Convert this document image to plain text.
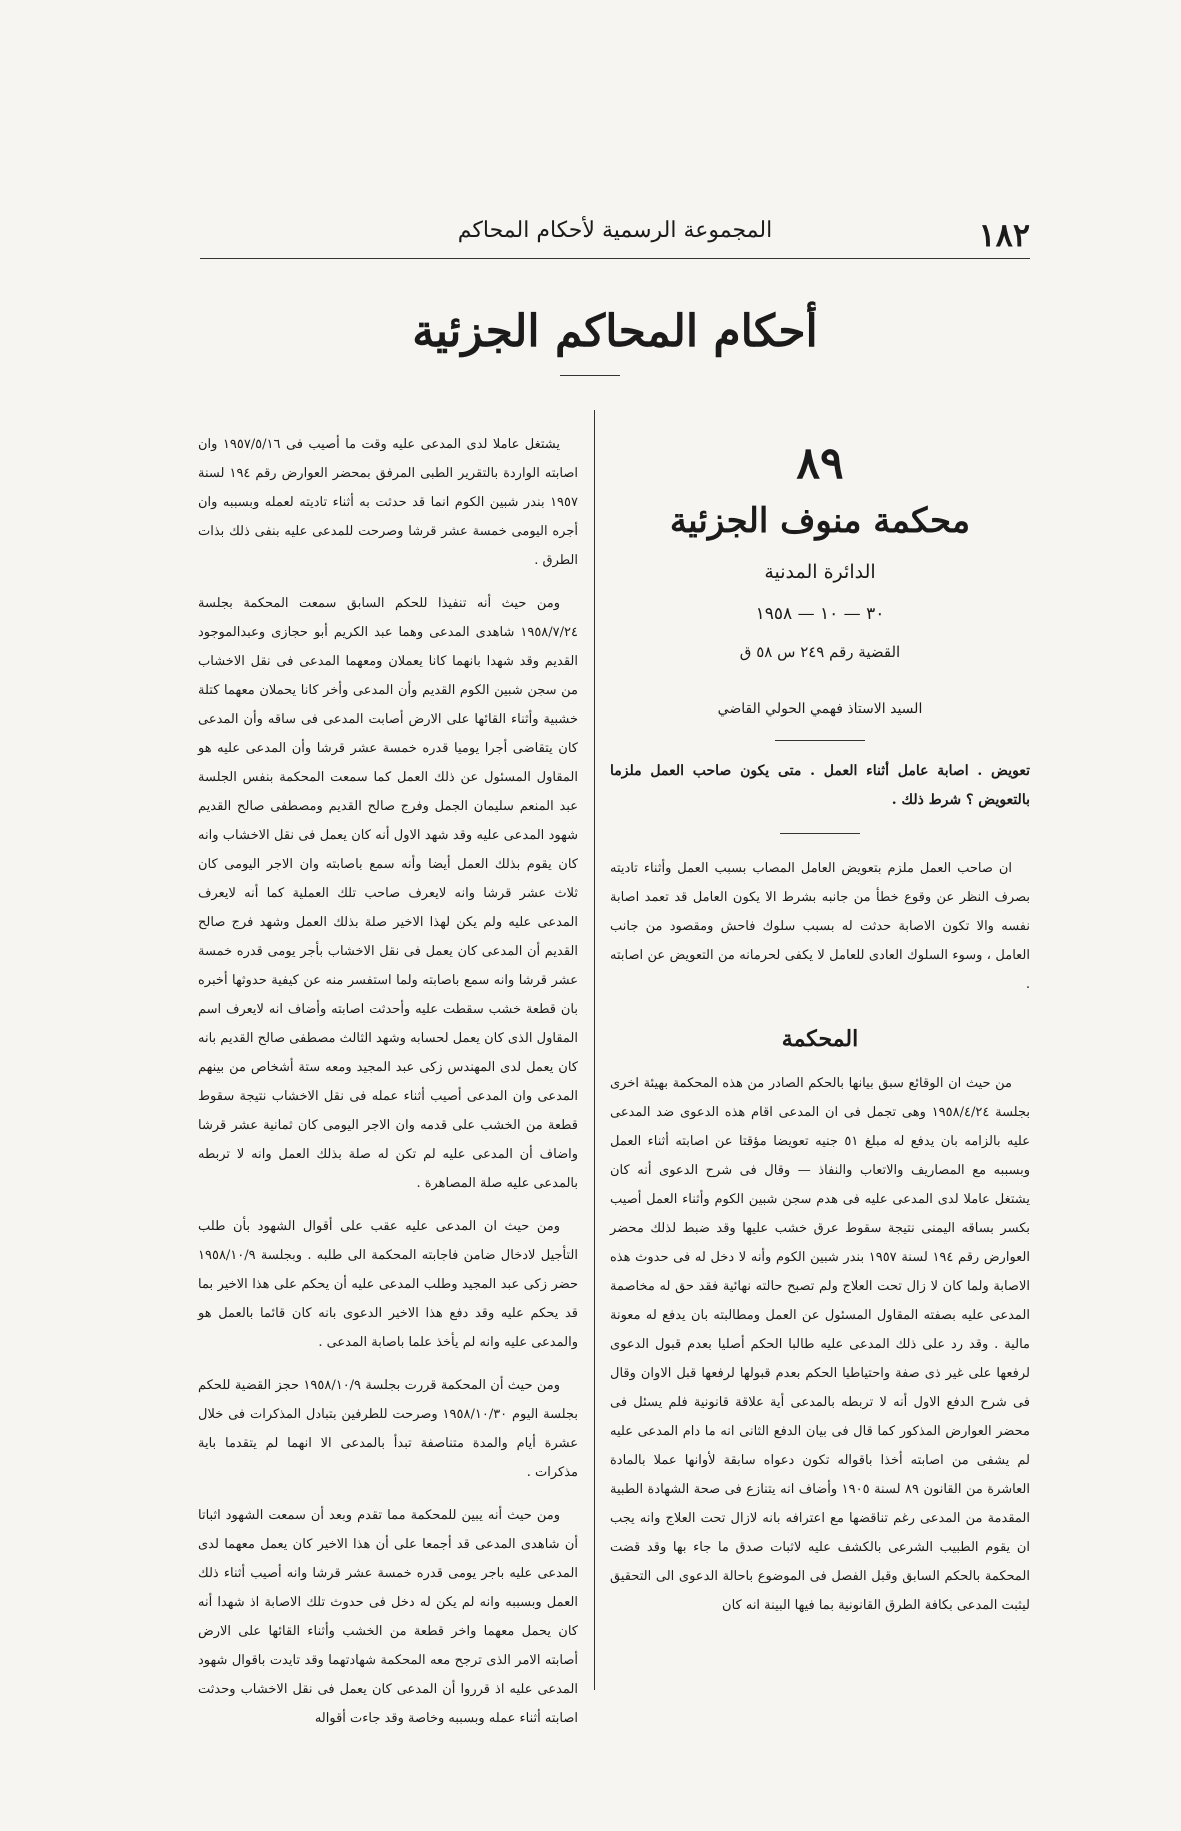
١٨٢
المجموعة الرسمية لأحكام المحاكم
أحكام المحاكم الجزئية
٨٩
محكمة منوف الجزئية
الدائرة المدنية
٣٠ — ١٠ — ١٩٥٨
القضية رقم ٢٤٩ س ٥٨ ق
السيد الاستاذ فهمي الحولي القاضي

تعويض . اصابة عامل أثناء العمل . متى يكون صاحب العمل ملزما بالتعويض ؟ شرط ذلك .

ان صاحب العمل ملزم بتعويض العامل المصاب بسبب العمل وأثناء تاديته بصرف النظر عن وقوع خطأ من جانبه بشرط الا يكون العامل قد تعمد اصابة نفسه والا تكون الاصابة حدثت له بسبب سلوك فاحش ومقصود من جانب العامل ، وسوء السلوك العادى للعامل لا يكفى لحرمانه من التعويض عن اصابته .

المحكمة

من حيث ان الوقائع سبق بيانها بالحكم الصادر من هذه المحكمة بهيئة اخرى بجلسة ١٩٥٨/٤/٢٤ وهى تجمل فى ان المدعى اقام هذه الدعوى ضد المدعى عليه بالزامه بان يدفع له مبلغ ٥١ جنيه تعويضا مؤقتا عن اصابته أثناء العمل وبسببه مع المصاريف والاتعاب والنفاذ — وقال فى شرح الدعوى أنه كان يشتغل عاملا لدى المدعى عليه فى هدم سجن شبين الكوم وأثناء العمل أصيب بكسر بساقه اليمنى نتيجة سقوط عرق خشب عليها وقد ضبط لذلك محضر العوارض رقم ١٩٤ لسنة ١٩٥٧ بندر شبين الكوم وأنه لا دخل له فى حدوث هذه الاصابة ولما كان لا زال تحت العلاج ولم تصبح حالته نهائية فقد حق له مخاصمة المدعى عليه بصفته المقاول المسئول عن العمل ومطالبته بان يدفع له معونة مالية . وقد رد على ذلك المدعى عليه طالبا الحكم أصليا بعدم قبول الدعوى لرفعها على غير ذى صفة واحتياطيا الحكم بعدم قبولها لرفعها قبل الاوان وقال فى شرح الدفع الاول أنه لا تربطه بالمدعى أية علاقة قانونية فلم يسئل فى محضر العوارض المذكور كما قال فى بيان الدفع الثانى انه ما دام المدعى عليه لم يشفى من اصابته أخذا باقواله تكون دعواه سابقة لأوانها عملا بالمادة العاشرة من القانون ٨٩ لسنة ١٩٠٥ وأضاف انه يتنازع فى صحة الشهادة الطبية المقدمة من المدعى رغم تناقضها مع اعترافه بانه لازال تحت العلاج وانه يجب ان يقوم الطبيب الشرعى بالكشف عليه لاثبات صدق ما جاء بها وقد قضت المحكمة بالحكم السابق وقبل الفصل فى الموضوع باحالة الدعوى الى التحقيق ليثبت المدعى بكافة الطرق القانونية بما فيها البينة انه كان

يشتغل عاملا لدى المدعى عليه وقت ما أصيب فى ١٩٥٧/٥/١٦ وان اصابته الواردة بالتقرير الطبى المرفق بمحضر العوارض رقم ١٩٤ لسنة ١٩٥٧ بندر شبين الكوم انما قد حدثت به أثناء تاديته لعمله وبسببه وان أجره اليومى خمسة عشر قرشا وصرحت للمدعى عليه بنفى ذلك بذات الطرق .

ومن حيث أنه تنفيذا للحكم السابق سمعت المحكمة بجلسة ١٩٥٨/٧/٢٤ شاهدى المدعى وهما عبد الكريم أبو حجازى وعبدالموجود القديم وقد شهدا بانهما كانا يعملان ومعهما المدعى فى نقل الاخشاب من سجن شبين الكوم القديم وأن المدعى وأخر كانا يحملان معهما كتلة خشبية وأثناء القائها على الارض أصابت المدعى فى ساقه وأن المدعى كان يتقاضى أجرا يوميا قدره خمسة عشر قرشا وأن المدعى عليه هو المقاول المسئول عن ذلك العمل كما سمعت المحكمة بنفس الجلسة عبد المنعم سليمان الجمل وفرج صالح القديم ومصطفى صالح القديم شهود المدعى عليه وقد شهد الاول أنه كان يعمل فى نقل الاخشاب وانه كان يقوم بذلك العمل أيضا وأنه سمع باصابته وان الاجر اليومى كان ثلاث عشر قرشا وانه لايعرف صاحب تلك العملية كما أنه لايعرف المدعى عليه ولم يكن لهذا الاخير صلة بذلك العمل وشهد فرج صالح القديم أن المدعى كان يعمل فى نقل الاخشاب بأجر يومى قدره خمسة عشر قرشا وانه سمع باصابته ولما استفسر منه عن كيفية حدوثها أخبره بان قطعة خشب سقطت عليه وأحدثت اصابته وأضاف انه لايعرف اسم المقاول الذى كان يعمل لحسابه وشهد الثالث مصطفى صالح القديم بانه كان يعمل لدى المهندس زكى عبد المجيد ومعه ستة أشخاص من بينهم المدعى وان المدعى أصيب أثناء عمله فى نقل الاخشاب نتيجة سقوط قطعة من الخشب على قدمه وان الاجر اليومى كان ثمانية عشر قرشا واضاف أن المدعى عليه لم تكن له صلة بذلك العمل وانه لا تربطه بالمدعى عليه صلة المصاهرة .

ومن حيث ان المدعى عليه عقب على أقوال الشهود بأن طلب التأجيل لادخال ضامن فاجابته المحكمة الى طلبه . وبجلسة ١٩٥٨/١٠/٩ حضر زكى عبد المجيد وطلب المدعى عليه أن يحكم على هذا الاخير بما قد يحكم عليه وقد دفع هذا الاخير الدعوى بانه كان قائما بالعمل هو والمدعى عليه وانه لم يأخذ علما باصابة المدعى .

ومن حيث أن المحكمة قررت بجلسة ١٩٥٨/١٠/٩ حجز القضية للحكم بجلسة اليوم ١٩٥٨/١٠/٣٠ وصرحت للطرفين بتبادل المذكرات فى خلال عشرة أيام والمدة متناصفة تبدأ بالمدعى الا انهما لم يتقدما باية مذكرات .

ومن حيث أنه يبين للمحكمة مما تقدم وبعد أن سمعت الشهود اثباتا أن شاهدى المدعى قد أجمعا على أن هذا الاخير كان يعمل معهما لدى المدعى عليه باجر يومى قدره خمسة عشر قرشا وانه أصيب أثناء ذلك العمل وبسببه وانه لم يكن له دخل فى حدوث تلك الاصابة اذ شهدا أنه كان يحمل معهما واخر قطعة من الخشب وأثناء القائها على الارض أصابته الامر الذى ترجح معه المحكمة شهادتهما وقد تايدت باقوال شهود المدعى عليه اذ قرروا أن المدعى كان يعمل فى نقل الاخشاب وحدثت اصابته أثناء عمله وبسببه وخاصة وقد جاءت أقواله
